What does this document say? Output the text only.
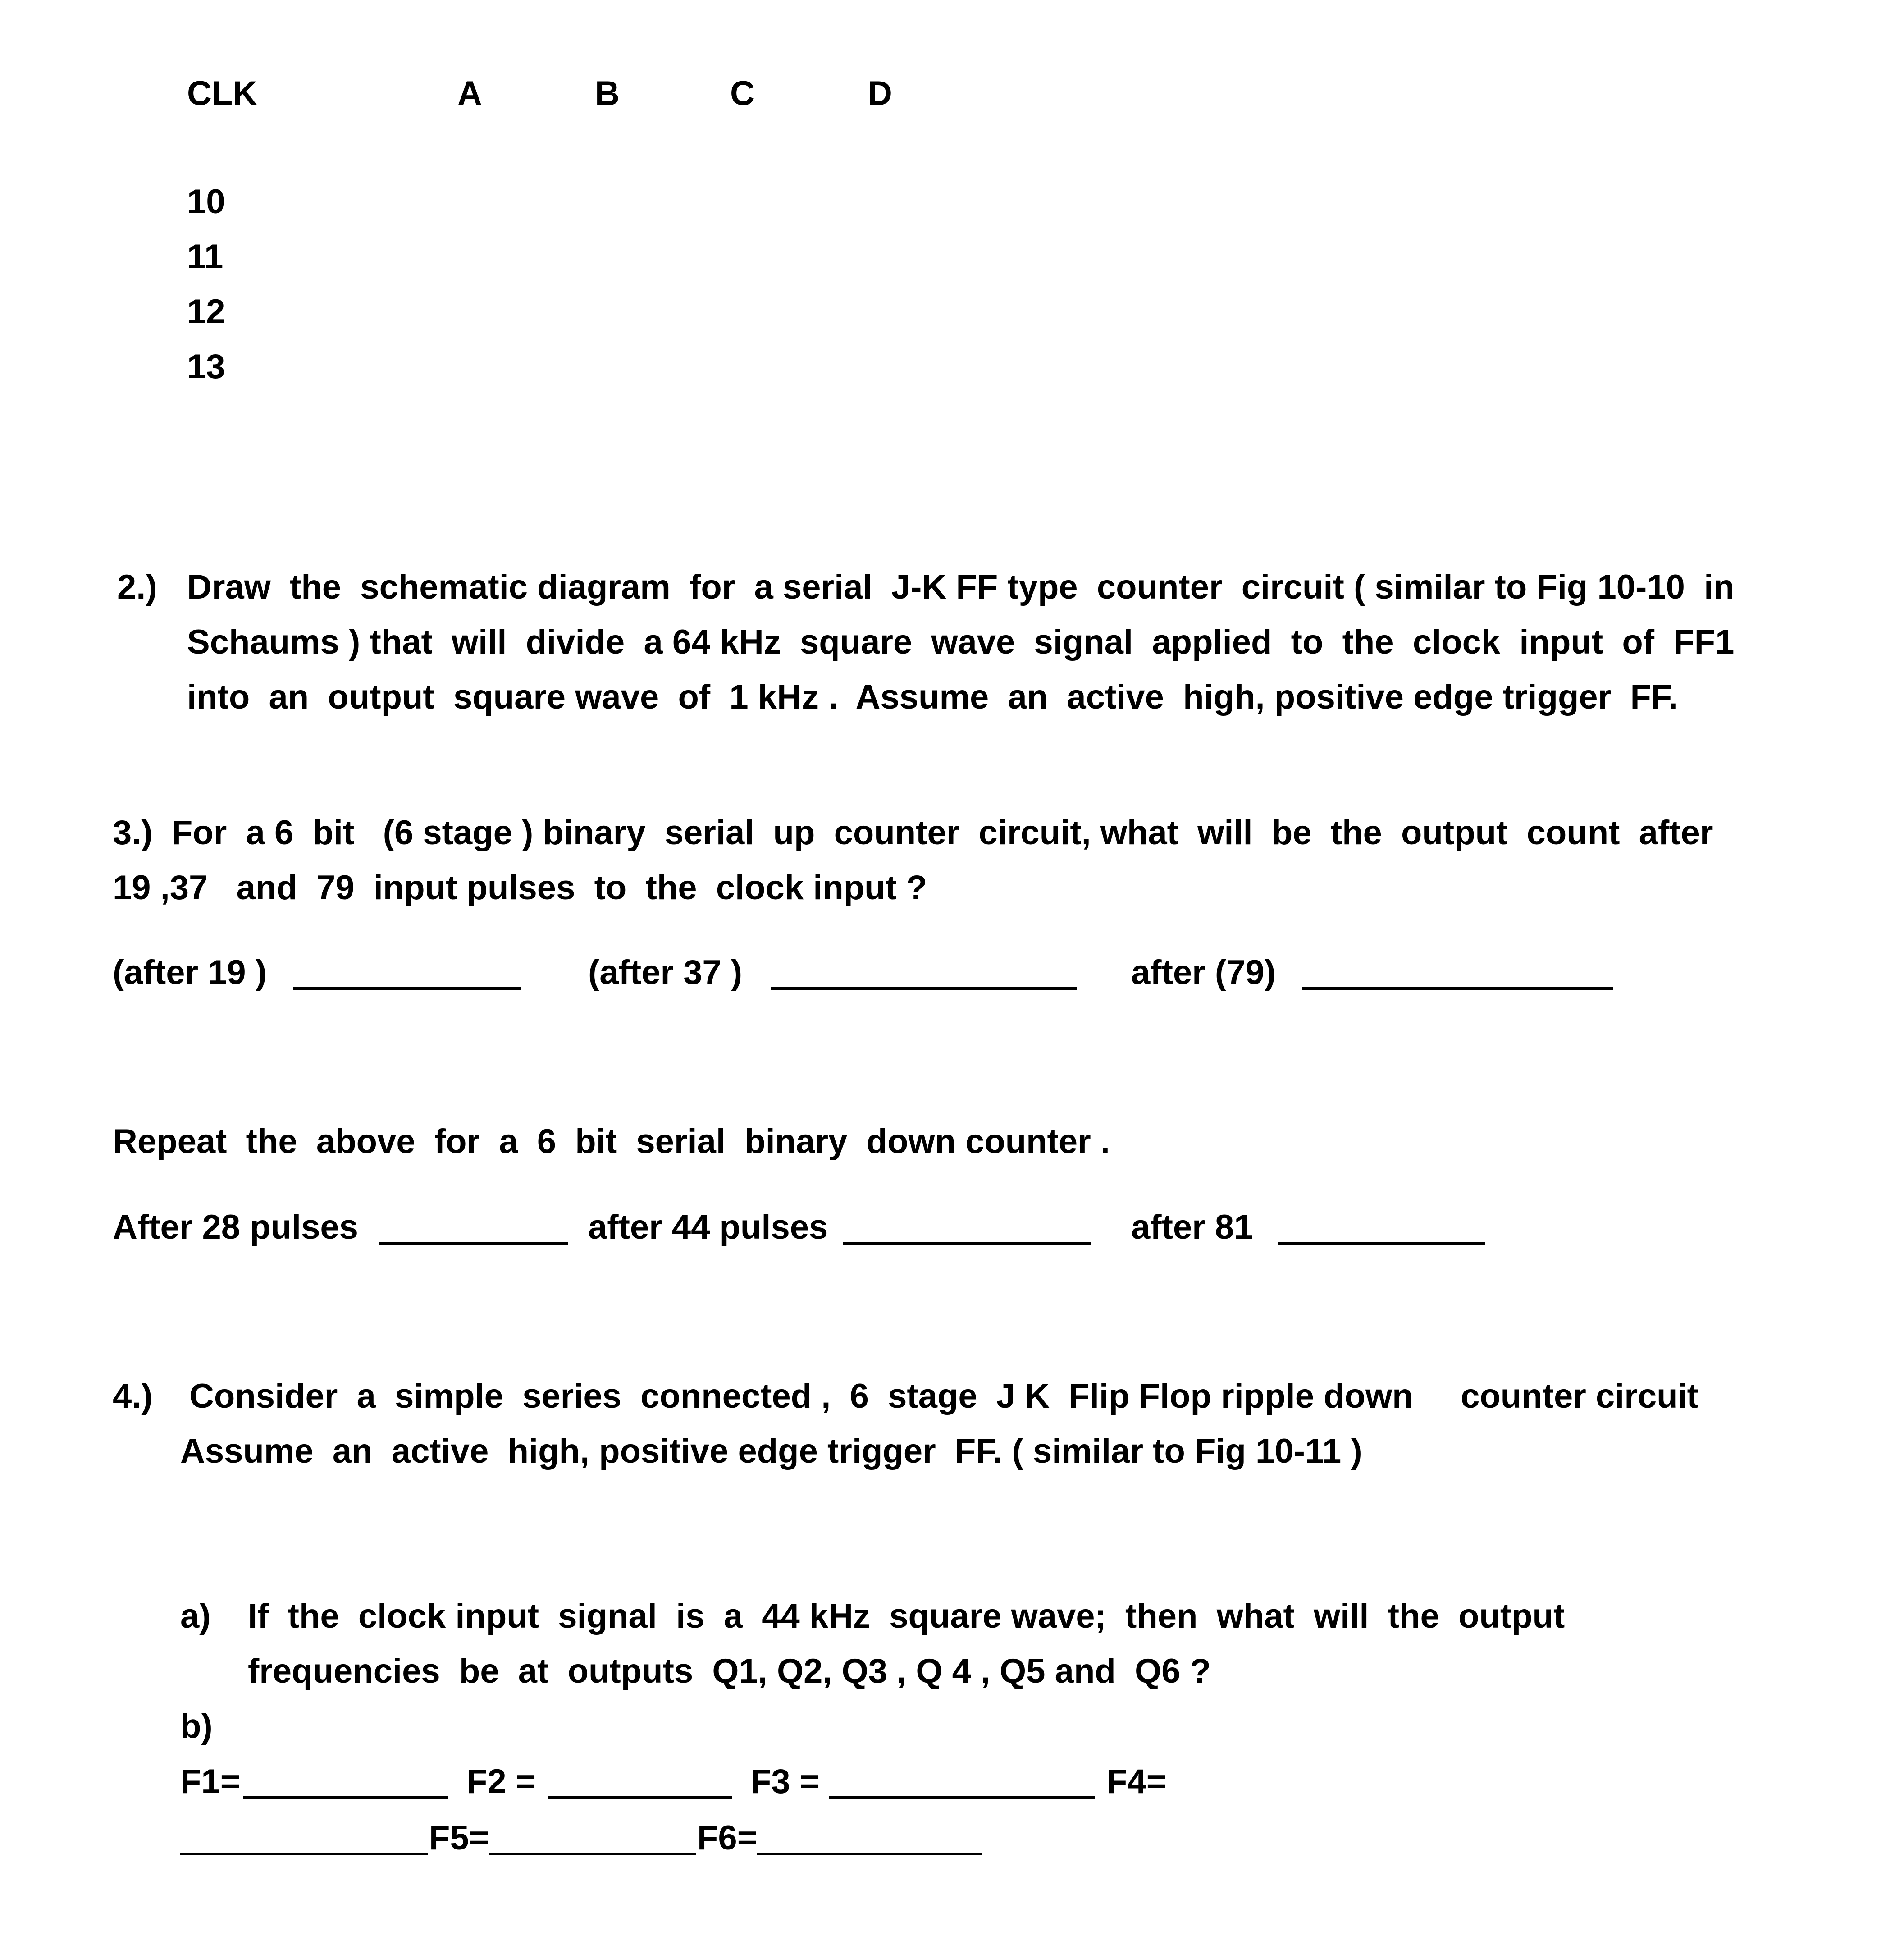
CLK	A	B	C	D
10
11
12
13
2.) Draw  the  schematic diagram  for  a serial  J-K FF type  counter  circuit ( similar to Fig 10-10  in
Schaums ) that  will  divide  a 64 kHz  square  wave  signal  applied  to  the  clock  input  of  FF1
into  an  output  square wave  of  1 kHz .  Assume  an  active  high, positive edge trigger  FF.
3.)  For  a 6  bit   (6 stage ) binary  serial  up  counter  circuit, what  will  be  the  output  count  after
19 ,37   and  79  input pulses  to  the  clock input ?
(after 19 )	(after 37 )	after (79)
Repeat  the  above  for  a  6  bit  serial  binary  down counter .
After 28 pulses	after 44 pulses	after 81
4.) Consider  a  simple  series  connected ,  6  stage  J K  Flip Flop ripple down     counter circuit
Assume  an  active  high, positive edge trigger  FF. ( similar to Fig 10-11 )
a) If  the  clock input  signal  is  a  44 kHz  square wave;  then  what  will  the  output
frequencies  be  at  outputs  Q1, Q2, Q3 , Q 4 , Q5 and  Q6 ?
b)
F1=	F2 =	F3 =	F4=
F5=	F6=
